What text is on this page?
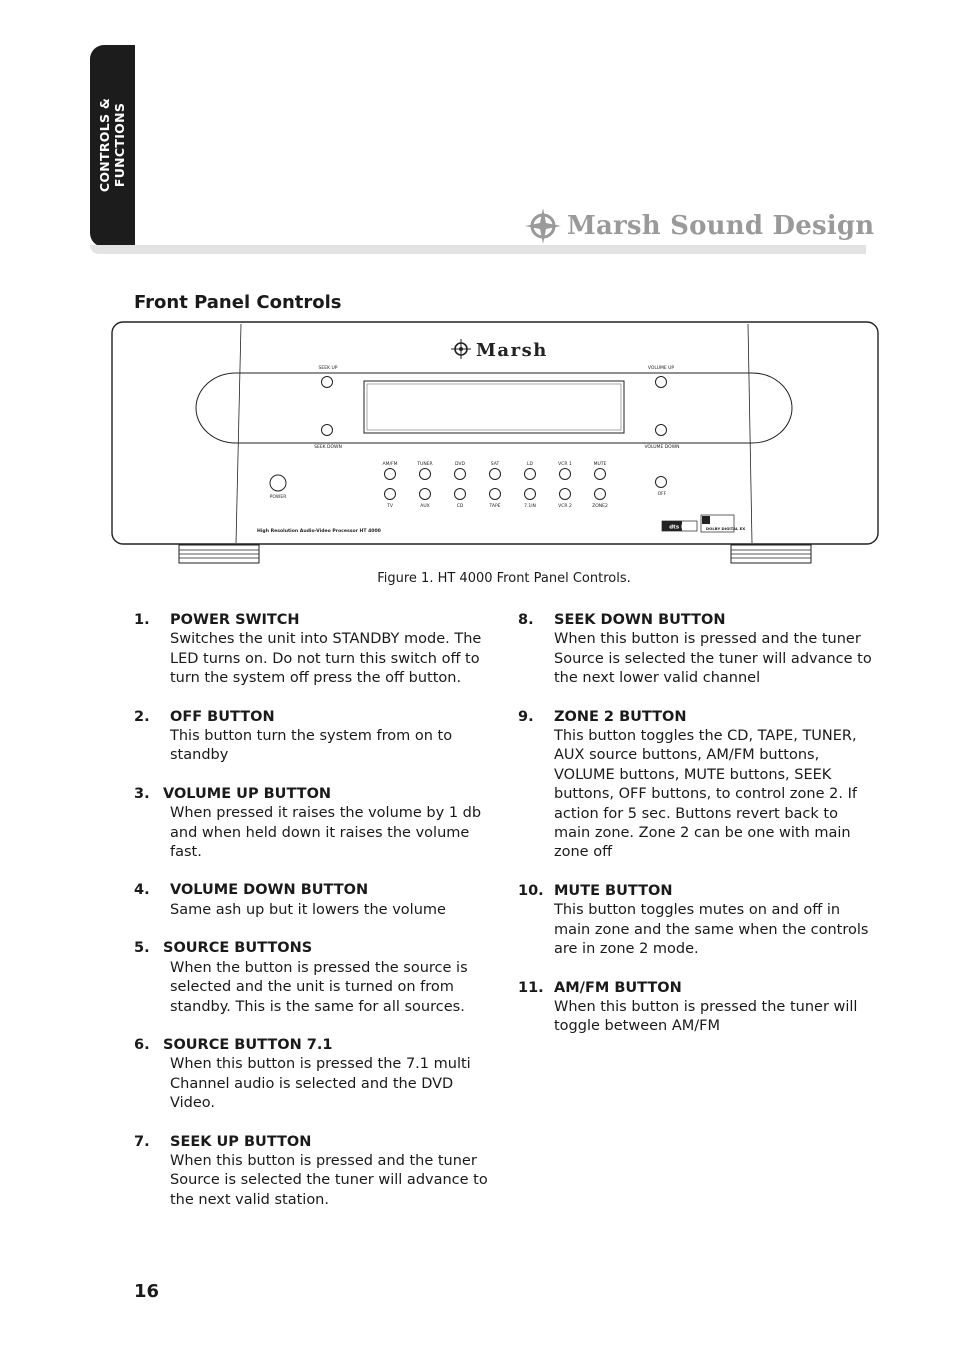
CONTROLS & FUNCTIONS
Marsh Sound Design
Front Panel Controls
Marsh
SEEK UP
SEEK DOWN
VOLUME UP
VOLUME DOWN
POWER
OFF
AM/FM	TUNER	DVD	SAT	LD	VCR 1	MUTE
TV	AUX	CD	TAPE	7.1IN	VCR 2	ZONE2
High Resolution Audio-Video Processor HT 4000
dts ES	DOLBY DIGITAL EX
Figure 1. HT 4000 Front Panel Controls.
1.	POWER SWITCH
Switches the unit into STANDBY mode. The LED turns on. Do not turn this switch off to turn the system off press the off button.
2.	OFF BUTTON
This button turn the system from on to standby
3. VOLUME UP BUTTON
When pressed it raises the volume by 1 db and when held down it raises the volume fast.
4.	VOLUME DOWN BUTTON
Same ash up but it lowers the volume
5. SOURCE BUTTONS
When the button is pressed the source is selected and the unit is turned on from standby. This is the same for all sources.
6. SOURCE BUTTON 7.1
When this button is pressed the 7.1 multi Channel audio is selected and the DVD Video.
7.	SEEK UP BUTTON
When this button is pressed and the tuner Source is selected the tuner will advance to the next valid station.
8.	SEEK DOWN BUTTON
When this button is pressed and the tuner Source is selected the tuner will advance to the next lower valid channel
9.	ZONE 2 BUTTON
This button toggles the CD, TAPE, TUNER, AUX source buttons, AM/FM buttons, VOLUME buttons, MUTE buttons, SEEK buttons, OFF buttons, to control zone 2. If action for 5 sec. Buttons revert back to main zone. Zone 2 can be one with main zone off
10. MUTE BUTTON
This button toggles mutes on and off in main zone and the same when the controls are in zone 2 mode.
11. AM/FM BUTTON
When this button is pressed the tuner will toggle between AM/FM
16
